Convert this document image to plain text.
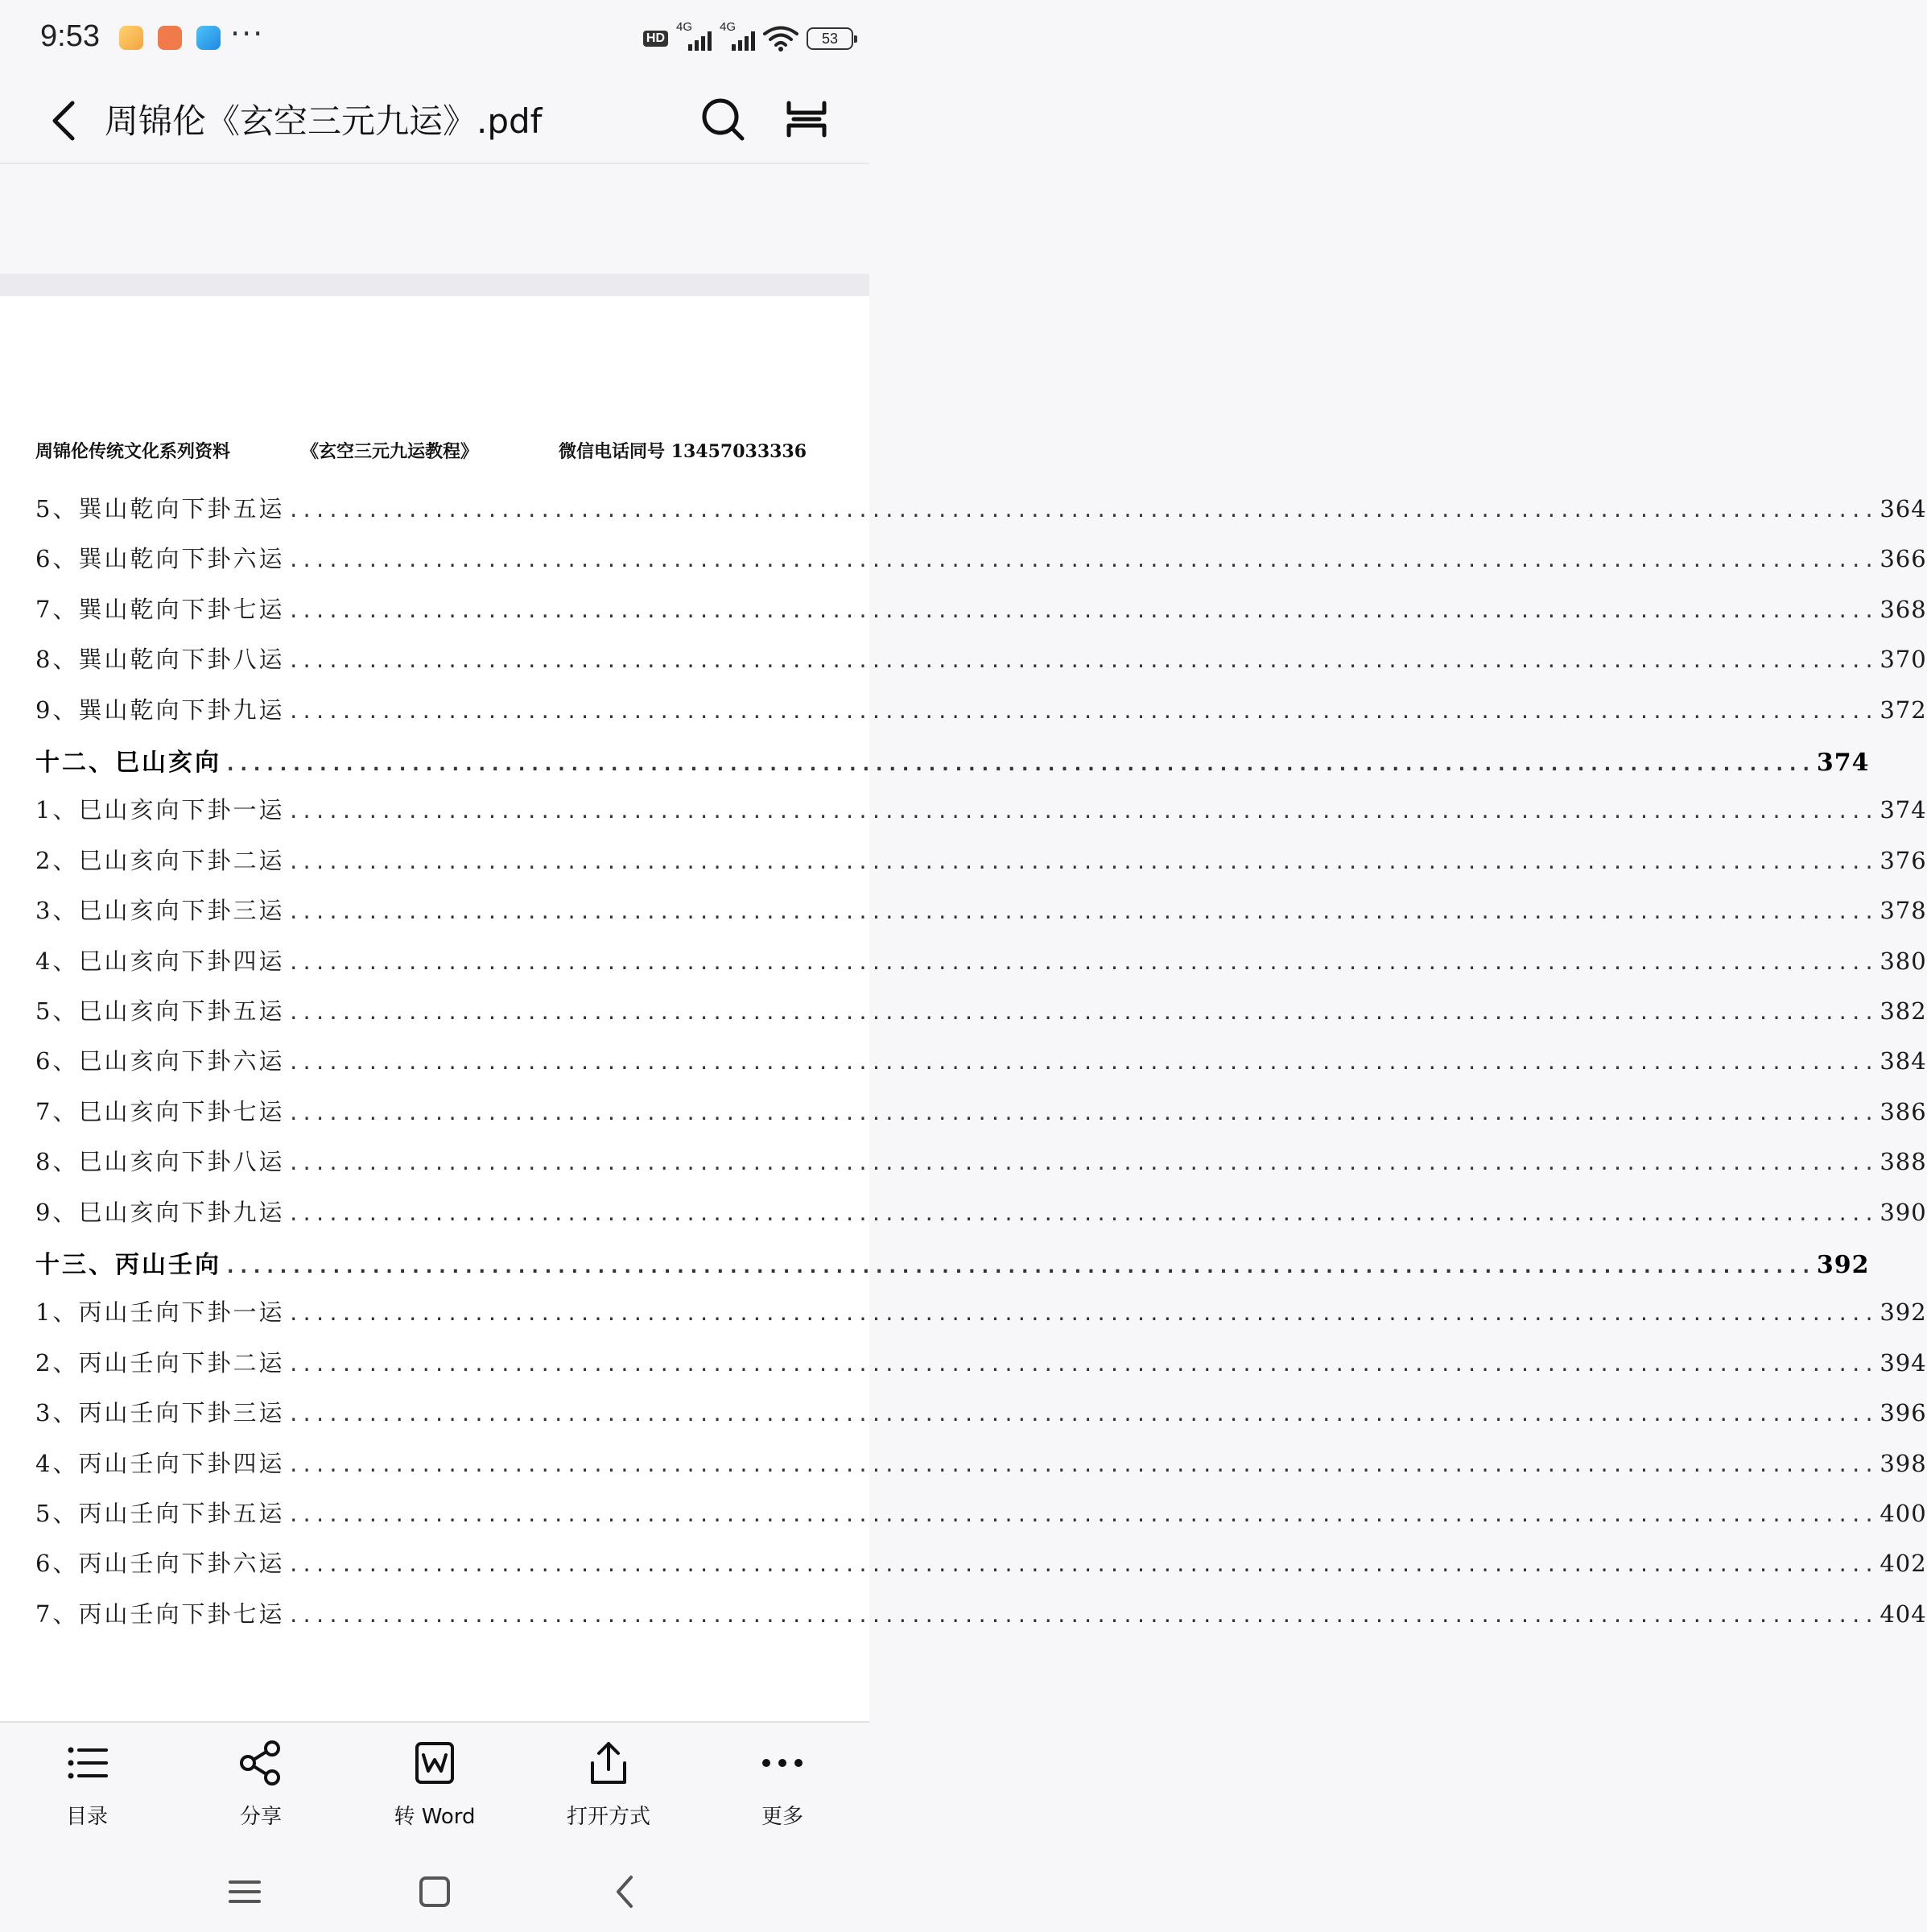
9:53	···	HD
4G 4G
53
周锦伦《玄空三元九运》.pdf
周锦伦传统文化系列资料	《玄空三元九运教程》	微信电话同号 13457033336
5、巽山乾向下卦五运 ........................................................................................................................ 364
6、巽山乾向下卦六运 ........................................................................................................................ 366
7、巽山乾向下卦七运 ........................................................................................................................ 368
8、巽山乾向下卦八运 ........................................................................................................................ 370
9、巽山乾向下卦九运 ........................................................................................................................ 372
十二、巳山亥向 ........................................................................................................................ 374
1、巳山亥向下卦一运 ........................................................................................................................ 374
2、巳山亥向下卦二运 ........................................................................................................................ 376
3、巳山亥向下卦三运 ........................................................................................................................ 378
4、巳山亥向下卦四运 ........................................................................................................................ 380
5、巳山亥向下卦五运 ........................................................................................................................ 382
6、巳山亥向下卦六运 ........................................................................................................................ 384
7、巳山亥向下卦七运 ........................................................................................................................ 386
8、巳山亥向下卦八运 ........................................................................................................................ 388
9、巳山亥向下卦九运 ........................................................................................................................ 390
十三、丙山壬向 ........................................................................................................................ 392
1、丙山壬向下卦一运 ........................................................................................................................ 392
2、丙山壬向下卦二运 ........................................................................................................................ 394
3、丙山壬向下卦三运 ........................................................................................................................ 396
4、丙山壬向下卦四运 ........................................................................................................................ 398
5、丙山壬向下卦五运 ........................................................................................................................ 400
6、丙山壬向下卦六运 ........................................................................................................................ 402
7、丙山壬向下卦七运 ........................................................................................................................ 404
目录	分享	转 Word	打开方式	更多
